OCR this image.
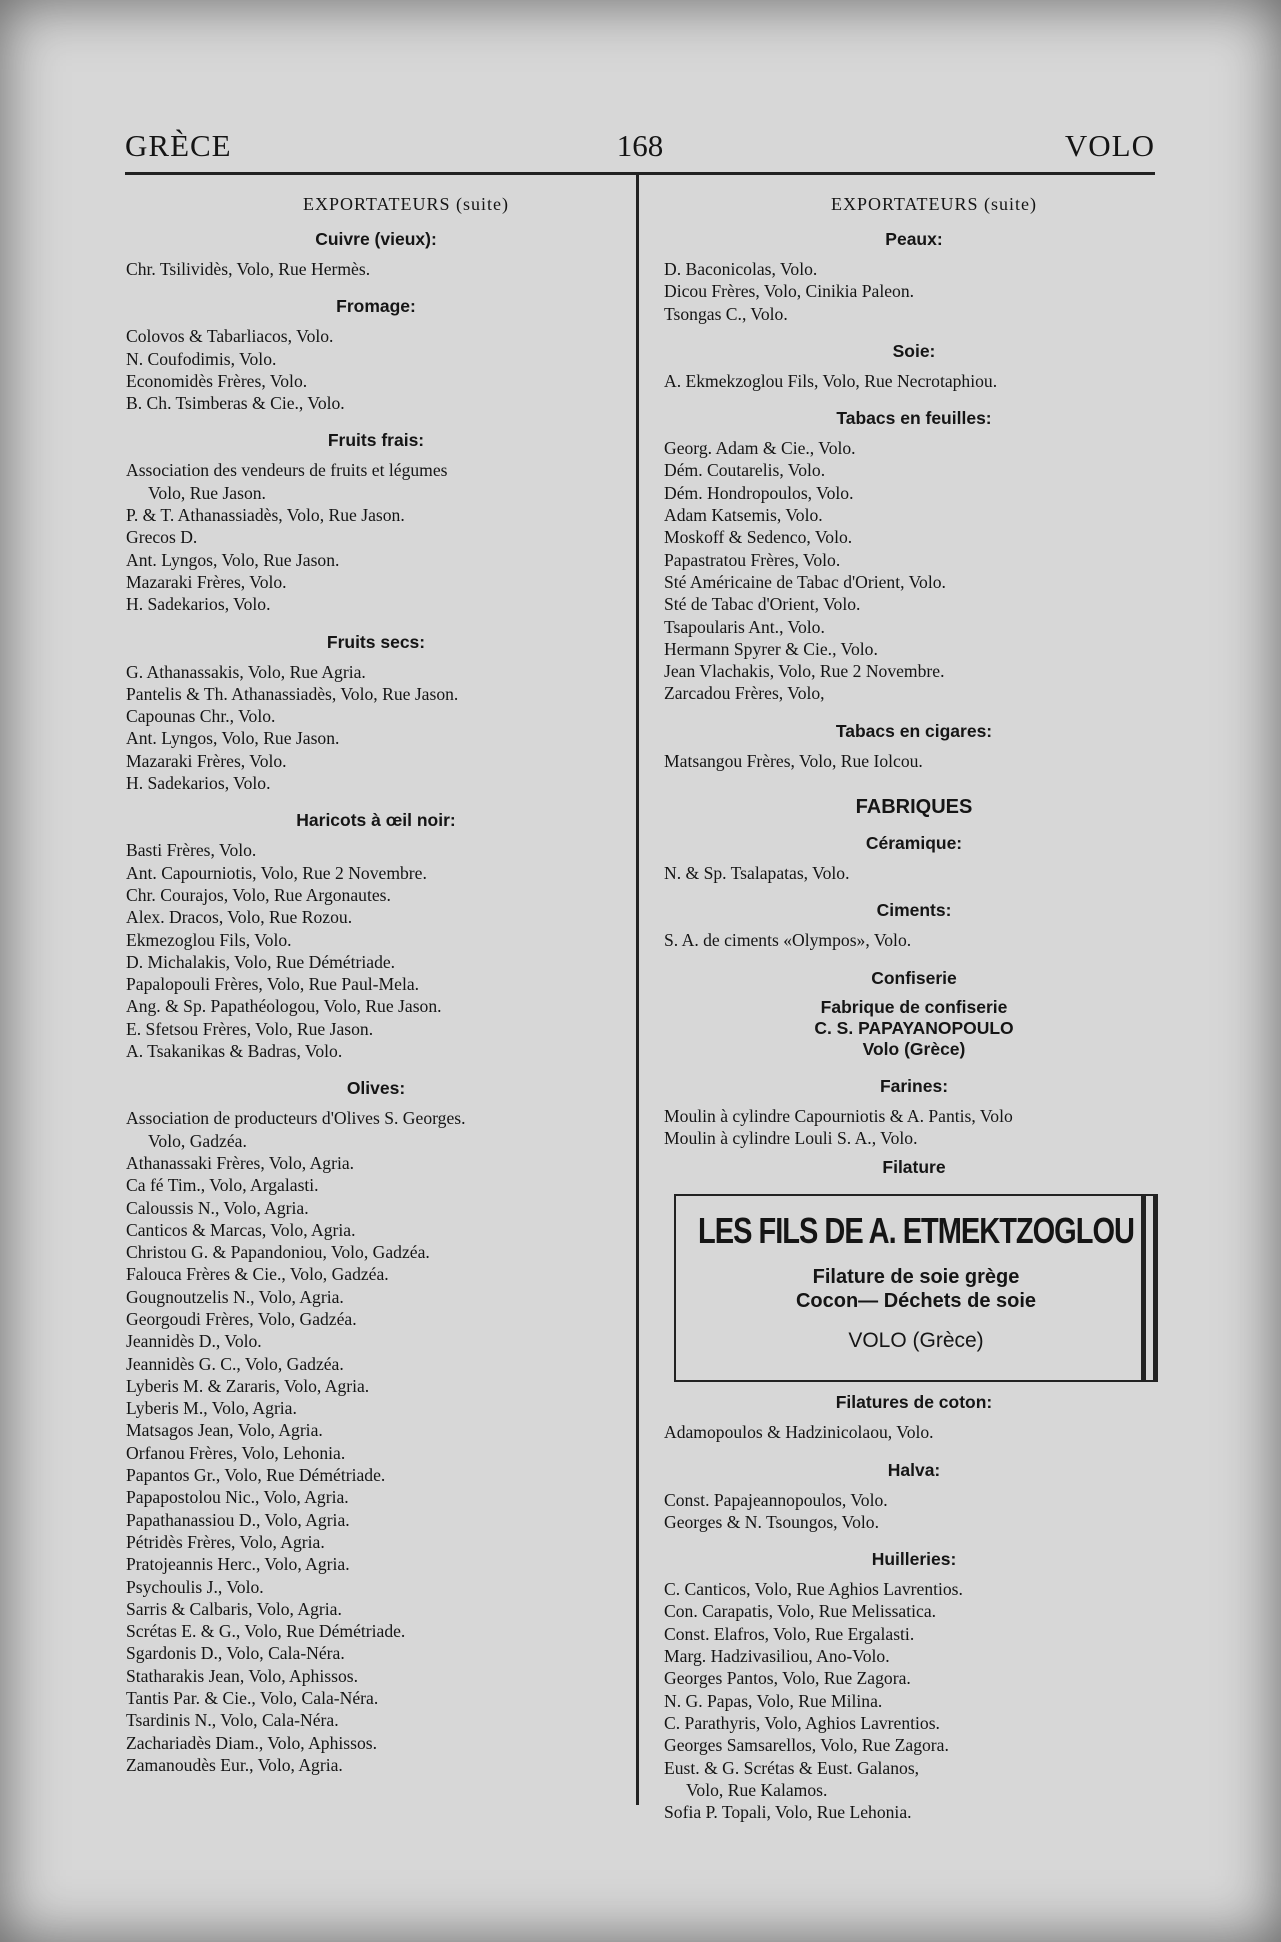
GRÈCE	168	VOLO
EXPORTATEURS (suite)
Cuivre (vieux):
Chr. Tsilividès, Volo, Rue Hermès.
Fromage:
Colovos & Tabarliacos, Volo.
N. Coufodimis, Volo.
Economidès Frères, Volo.
B. Ch. Tsimberas & Cie., Volo.
Fruits frais:
Association des vendeurs de fruits et légumes
Volo, Rue Jason.
P. & T. Athanassiadès, Volo, Rue Jason.
Grecos D.
Ant. Lyngos, Volo, Rue Jason.
Mazaraki Frères, Volo.
H. Sadekarios, Volo.
Fruits secs:
G. Athanassakis, Volo, Rue Agria.
Pantelis & Th. Athanassiadès, Volo, Rue Jason.
Capounas Chr., Volo.
Ant. Lyngos, Volo, Rue Jason.
Mazaraki Frères, Volo.
H. Sadekarios, Volo.
Haricots à œil noir:
Basti Frères, Volo.
Ant. Capourniotis, Volo, Rue 2 Novembre.
Chr. Courajos, Volo, Rue Argonautes.
Alex. Dracos, Volo, Rue Rozou.
Ekmezoglou Fils, Volo.
D. Michalakis, Volo, Rue Démétriade.
Papalopouli Frères, Volo, Rue Paul-Mela.
Ang. & Sp. Papathéologou, Volo, Rue Jason.
E. Sfetsou Frères, Volo, Rue Jason.
A. Tsakanikas & Badras, Volo.
Olives:
Association de producteurs d'Olives S. Georges.
Volo, Gadzéa.
Athanassaki Frères, Volo, Agria.
Ca fé Tim., Volo, Argalasti.
Caloussis N., Volo, Agria.
Canticos & Marcas, Volo, Agria.
Christou G. & Papandoniou, Volo, Gadzéa.
Falouca Frères & Cie., Volo, Gadzéa.
Gougnoutzelis N., Volo, Agria.
Georgoudi Frères, Volo, Gadzéa.
Jeannidès D., Volo.
Jeannidès G. C., Volo, Gadzéa.
Lyberis M. & Zararis, Volo, Agria.
Lyberis M., Volo, Agria.
Matsagos Jean, Volo, Agria.
Orfanou Frères, Volo, Lehonia.
Papantos Gr., Volo, Rue Démétriade.
Papapostolou Nic., Volo, Agria.
Papathanassiou D., Volo, Agria.
Pétridès Frères, Volo, Agria.
Pratojeannis Herc., Volo, Agria.
Psychoulis J., Volo.
Sarris & Calbaris, Volo, Agria.
Scrétas E. & G., Volo, Rue Démétriade.
Sgardonis D., Volo, Cala-Néra.
Statharakis Jean, Volo, Aphissos.
Tantis Par. & Cie., Volo, Cala-Néra.
Tsardinis N., Volo, Cala-Néra.
Zachariadès Diam., Volo, Aphissos.
Zamanoudès Eur., Volo, Agria.
EXPORTATEURS (suite)
Peaux:
D. Baconicolas, Volo.
Dicou Frères, Volo, Cinikia Paleon.
Tsongas C., Volo.
Soie:
A. Ekmekzoglou Fils, Volo, Rue Necrotaphiou.
Tabacs en feuilles:
Georg. Adam & Cie., Volo.
Dém. Coutarelis, Volo.
Dém. Hondropoulos, Volo.
Adam Katsemis, Volo.
Moskoff & Sedenco, Volo.
Papastratou Frères, Volo.
Sté Américaine de Tabac d'Orient, Volo.
Sté de Tabac d'Orient, Volo.
Tsapoularis Ant., Volo.
Hermann Spyrer & Cie., Volo.
Jean Vlachakis, Volo, Rue 2 Novembre.
Zarcadou Frères, Volo,
Tabacs en cigares:
Matsangou Frères, Volo, Rue Iolcou.
FABRIQUES
Céramique:
N. & Sp. Tsalapatas, Volo.
Ciments:
S. A. de ciments «Olympos», Volo.
Confiserie
Fabrique de confiserie
C. S. PAPAYANOPOULO
Volo (Grèce)
Farines:
Moulin à cylindre Capourniotis & A. Pantis, Volo
Moulin à cylindre Louli S. A., Volo.
Filature
LES FILS DE A. ETMEKTZOGLOU
Filature de soie grège
Cocon— Déchets de soie
VOLO (Grèce)
Filatures de coton:
Adamopoulos & Hadzinicolaou, Volo.
Halva:
Const. Papajeannopoulos, Volo.
Georges & N. Tsoungos, Volo.
Huilleries:
C. Canticos, Volo, Rue Aghios Lavrentios.
Con. Carapatis, Volo, Rue Melissatica.
Const. Elafros, Volo, Rue Ergalasti.
Marg. Hadzivasiliou, Ano-Volo.
Georges Pantos, Volo, Rue Zagora.
N. G. Papas, Volo, Rue Milina.
C. Parathyris, Volo, Aghios Lavrentios.
Georges Samsarellos, Volo, Rue Zagora.
Eust. & G. Scrétas & Eust. Galanos,
Volo, Rue Kalamos.
Sofia P. Topali, Volo, Rue Lehonia.
